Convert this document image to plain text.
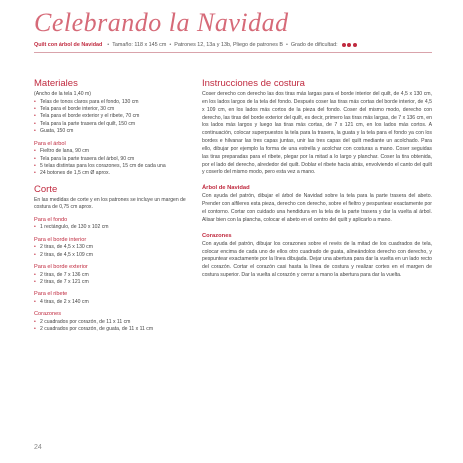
Celebrando la Navidad
Quilt con árbol de Navidad • Tamaño: 118 x 145 cm • Patrones 12, 13a y 13b, Pliego de patrones B • Grado de dificultad:
Materiales
(Ancho de la tela 1,40 m)
• Telas de tonos claros para el fondo, 130 cm
• Tela para el borde interior, 30 cm
• Tela para el borde exterior y el ribete, 70 cm
• Tela para la parte trasera del quilt, 150 cm
• Guata, 150 cm
Para el árbol
• Fieltro de lana, 90 cm
• Tela para la parte trasera del árbol, 90 cm
• 5 telas distintas para los corazones, 15 cm de cada una
• 24 botones de 1,5 cm Ø aprox.
Corte
En las medidas de corte y en los patrones se incluye un margen de costura de 0,75 cm aprox.
Para el fondo
• 1 rectángulo, de 130 x 102 cm
Para el borde interior
• 2 tiras, de 4,5 x 130 cm
• 2 tiras, de 4,5 x 109 cm
Para el borde exterior
• 2 tiras, de 7 x 136 cm
• 2 tiras, de 7 x 121 cm
Para el ribete
• 4 tiras, de 2 x 140 cm
Corazones
• 2 cuadrados por corazón, de 11 x 11 cm
• 2 cuadrados por corazón, de guata, de 11 x 11 cm
Instrucciones de costura

Coser derecho con derecho las dos tiras más largas para el borde interior del quilt, de 4,5 x 130 cm, en los lados largos de la tela del fondo. Después coser las tiras más cortas del borde interior, de 4,5 x 109 cm, en los lados más cortos de la pieza del fondo. Coser del mismo modo, derecho con derecho, las tiras del borde exterior del quilt, es decir, primero las tiras más largas, de 7 x 136 cm, en los lados más largos y luego las tiras más cortas, de 7 x 121 cm, en los lados más cortos. A continuación, colocar superpuestos la tela para la trasera, la guata y la tela para el fondo ya con los bordes e hilvanar las tres capas juntas, unir las tres capas del quilt mediante un acolchado. Para ello, dibujar por ejemplo la forma de una estrella y acolchar con costuras a mano. Coser seguidas las tiras preparadas para el ribete, plegar por la mitad a lo largo y planchar. Coser la tira obtenida, por el lado del derecho, alrededor del quilt. Doblar el ribete hacia atrás, envolviendo el canto del quilt y coserlo del mismo modo, pero esta vez a mano.

Árbol de Navidad

Con ayuda del patrón, dibujar el árbol de Navidad sobre la tela para la parte trasera del abeto. Prender con alfileres esta pieza, derecho con derecho, sobre el fieltro y pespuntear exactamente por el contorno. Cortar con cuidado una hendidura en la tela de la parte trasera y dar la vuelta al árbol. Alisar bien con la plancha, colocar el abeto en el centro del quilt y aplicarlo a mano.

Corazones

Con ayuda del patrón, dibujar los corazones sobre el revés de la mitad de los cuadrados de tela, colocar encima de cada uno de ellos otro cuadrado de guata, alineándolos derecho con derecho, y pespuntear exactamente por la línea dibujada. Dejar una abertura para dar la vuelta en un lado recto del corazón. Cortar el corazón casi hasta la línea de costura y realizar cortes en el margen de costura superior. Dar la vuelta al corazón y cerrar a mano la abertura para dar la vuelta.

24
